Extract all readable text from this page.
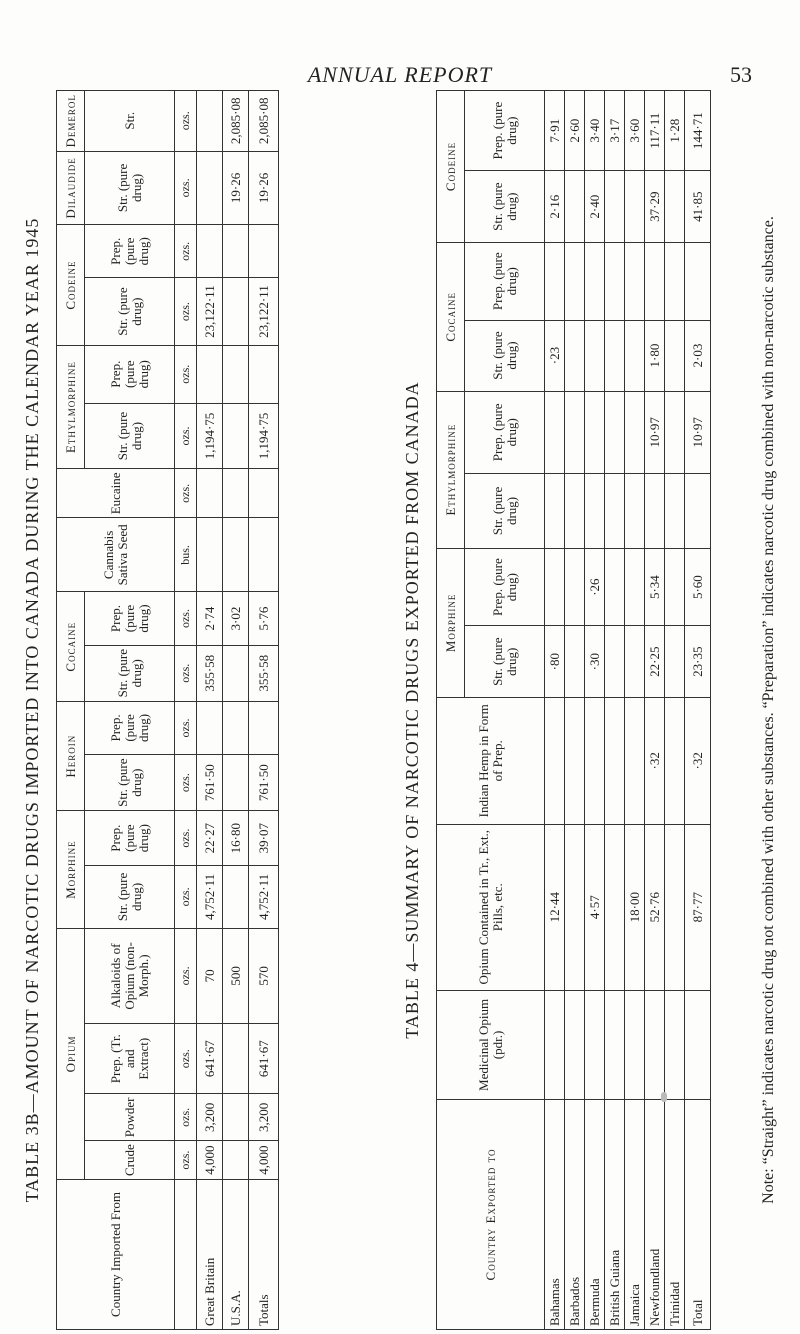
ANNUAL REPORT	53
TABLE 3B—AMOUNT OF NARCOTIC DRUGS IMPORTED INTO CANADA DURING THE CALENDAR YEAR 1945
Country Imported From	Opium				Morphine		Heroin		Cocaine		Cannabis Sativa Seed	Eucaine	Ethylmorphine		Codeine		Dilaudide	Demerol
	Crude	Powder	Prep. (Tr. and Extract)	Alkaloids of Opium (non-Morph.)	Str. (pure drug)	Prep. (pure drug)	Str. (pure drug)	Prep. (pure drug)	Str. (pure drug)	Prep. (pure drug)			Str. (pure drug)	Prep. (pure drug)	Str. (pure drug)	Prep. (pure drug)	Str. (pure drug)	Str.
	ozs.	ozs.	ozs.	ozs.	ozs.	ozs.	ozs.	ozs.	ozs.	ozs.	bus.	ozs.	ozs.	ozs.	ozs.	ozs.	ozs.	ozs.
Great Britain	4,000	3,200	641·67	70	4,752·11	22·27	761·50		355·58	2·74			1,194·75		23,122·11			
U.S.A.				500		16·80				3·02							19·26	2,085·08
Totals	4,000	3,200	641·67	570	4,752·11	39·07	761·50		355·58	5·76			1,194·75		23,122·11		19·26	2,085·08
TABLE 4—SUMMARY OF NARCOTIC DRUGS EXPORTED FROM CANADA
Country Exported to	Medicinal Opium (pdr.)	Opium Contained in Tr., Ext., Pills, etc.	Indian Hemp in Form of Prep.	Morphine		Ethylmorphine		Cocaine		Codeine	
				Str. (pure drug)	Prep. (pure drug)	Str. (pure drug)	Prep. (pure drug)	Str. (pure drug)	Prep. (pure drug)	Str. (pure drug)	Prep. (pure drug)
Bahamas		12·44		·80				·23		2·16	7·91
Barbados											2·60
Bermuda		4·57		·30	·26					2·40	3·40
British Guiana											3·17
Jamaica		18·00									3·60
Newfoundland		52·76	·32	22·25	5·34		10·97	1·80		37·29	117·11
Trinidad											1·28
Total		87·77	·32	23·35	5·60		10·97	2·03		41·85	144·71
Note: “Straight” indicates narcotic drug not combined with other substances. “Preparation” indicates narcotic drug combined with non-narcotic substance.
